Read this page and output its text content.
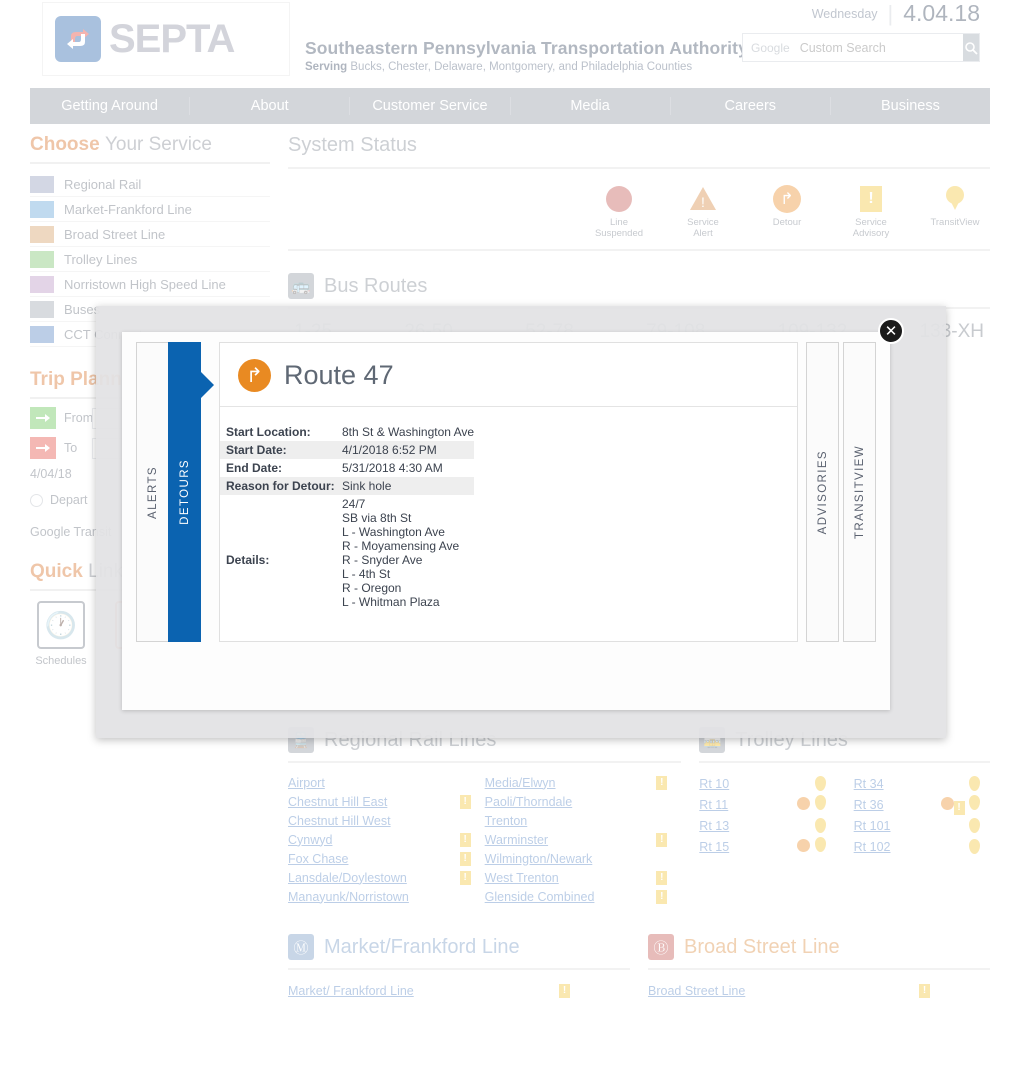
Custom Search

✕
ALERTS DETOURS
↱ Route 47
Start Location:	8th St & Washington Ave
Start Date:	4/1/2018 6:52 PM
End Date:	5/31/2018 4:30 AM
Reason for Detour: Sink hole
Details:
24/7
SB via 8th St
L - Washington Ave
R - Moyamensing Ave
R - Snyder Ave
L - 4th St
R - Oregon
L - Whitman Plaza
ADVISORIES TRANSITVIEW
